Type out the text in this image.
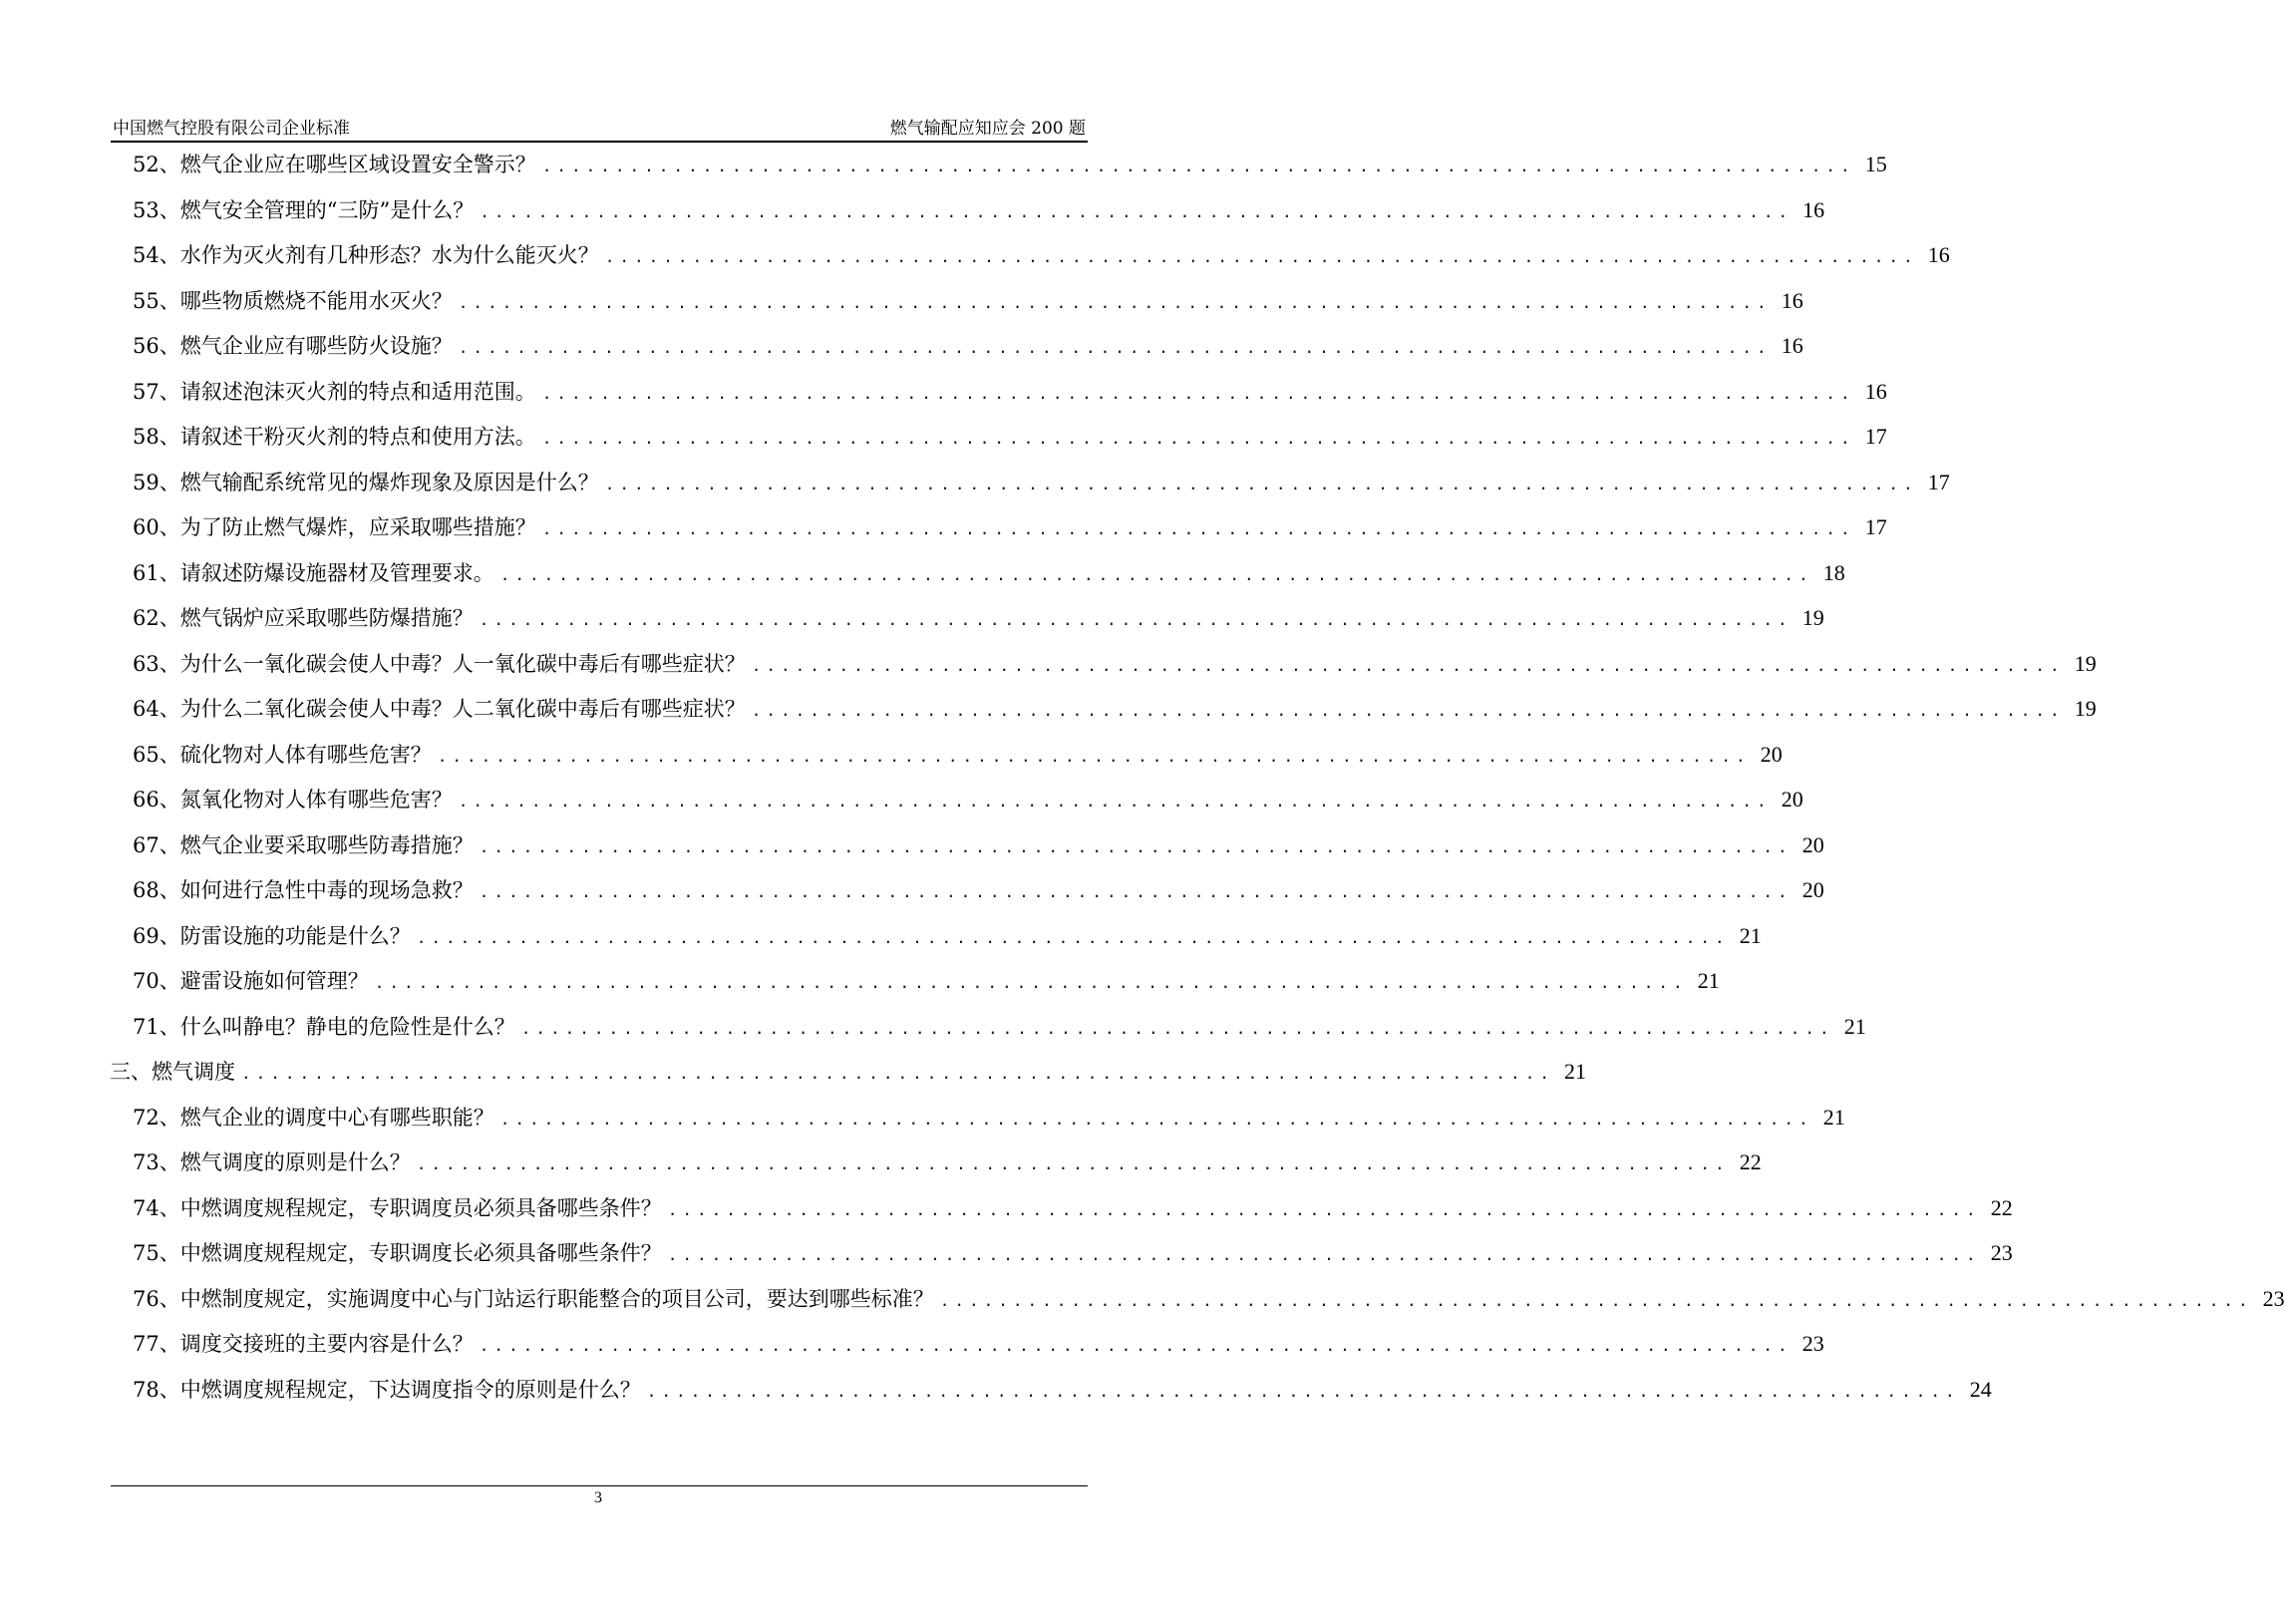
中国燃气控股有限公司企业标准	燃气输配应知应会 200 题
52、燃气企业应在哪些区域设置安全警示？ .......................................................................................... 15
53、燃气安全管理的“三防”是什么？ .......................................................................................... 16
54、水作为灭火剂有几种形态？水为什么能灭火？ .......................................................................................... 16
55、哪些物质燃烧不能用水灭火？ .......................................................................................... 16
56、燃气企业应有哪些防火设施？ .......................................................................................... 16
57、请叙述泡沫灭火剂的特点和适用范围。 .......................................................................................... 16
58、请叙述干粉灭火剂的特点和使用方法。 .......................................................................................... 17
59、燃气输配系统常见的爆炸现象及原因是什么？ .......................................................................................... 17
60、为了防止燃气爆炸，应采取哪些措施？ .......................................................................................... 17
61、请叙述防爆设施器材及管理要求。 .......................................................................................... 18
62、燃气锅炉应采取哪些防爆措施？ .......................................................................................... 19
63、为什么一氧化碳会使人中毒？人一氧化碳中毒后有哪些症状？ .......................................................................................... 19
64、为什么二氧化碳会使人中毒？人二氧化碳中毒后有哪些症状？ .......................................................................................... 19
65、硫化物对人体有哪些危害？ .......................................................................................... 20
66、氮氧化物对人体有哪些危害？ .......................................................................................... 20
67、燃气企业要采取哪些防毒措施？ .......................................................................................... 20
68、如何进行急性中毒的现场急救？ .......................................................................................... 20
69、防雷设施的功能是什么？ .......................................................................................... 21
70、避雷设施如何管理？ .......................................................................................... 21
71、什么叫静电？静电的危险性是什么？ .......................................................................................... 21
三、燃气调度 .......................................................................................... 21
72、燃气企业的调度中心有哪些职能？ .......................................................................................... 21
73、燃气调度的原则是什么？ .......................................................................................... 22
74、中燃调度规程规定，专职调度员必须具备哪些条件？ .......................................................................................... 22
75、中燃调度规程规定，专职调度长必须具备哪些条件？ .......................................................................................... 23
76、中燃制度规定，实施调度中心与门站运行职能整合的项目公司，要达到哪些标准？ .......................................................................................... 23
77、调度交接班的主要内容是什么？ .......................................................................................... 23
78、中燃调度规程规定，下达调度指令的原则是什么？ .......................................................................................... 24
3
